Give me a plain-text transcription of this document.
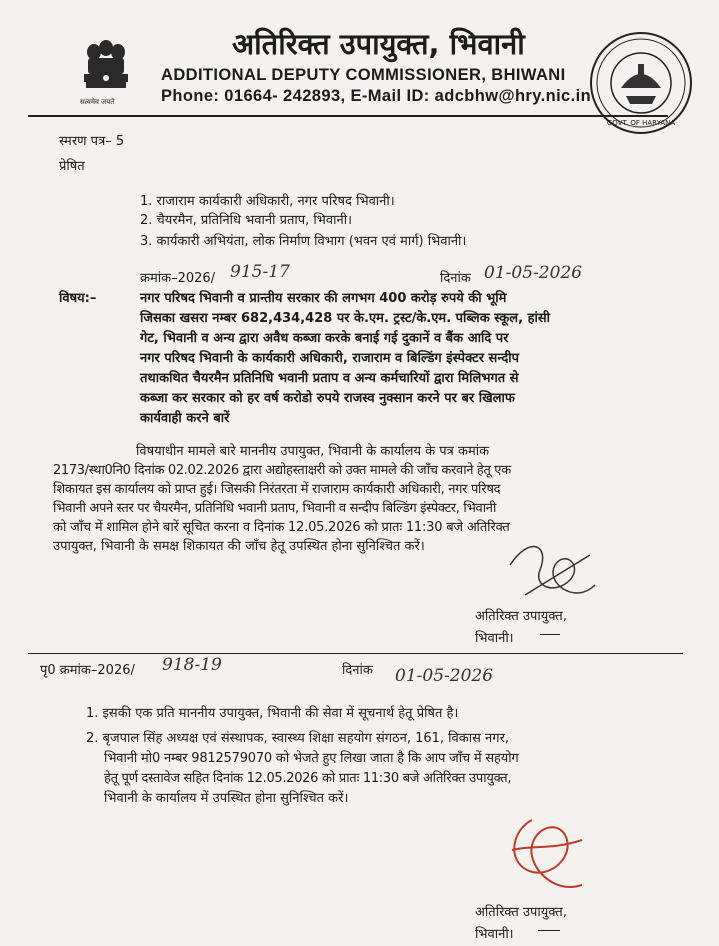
सत्यमेव जयते
अतिरिक्त उपायुक्त, भिवानी
ADDITIONAL DEPUTY COMMISSIONER, BHIWANI
Phone: 01664- 242893, E-Mail ID: adcbhw@hry.nic.in
GOVT. OF HARYANA
स्मरण पत्र– 5
प्रेषित
1. राजाराम कार्यकारी अधिकारी, नगर परिषद भिवानी।
2. चैयरमैन, प्रतिनिधि भवानी प्रताप, भिवानी।
3. कार्यकारी अभियंता, लोक निर्माण विभाग (भवन एवं मार्ग) भिवानी।
क्रमांक–2026/ 915-17	दिनांक 01-05-2026
विषय:–	नगर परिषद भिवानी व प्रान्तीय सरकार की लगभग 400 करोड़ रुपये की भूमि
जिसका खसरा नम्बर 682,434,428 पर के.एम. ट्रस्ट/के.एम. पब्लिक स्कूल, हांसी
गेट, भिवानी व अन्य द्वारा अवैध कब्जा करके बनाई गई दुकानें व बैंक आदि पर
नगर परिषद भिवानी के कार्यकारी अधिकारी, राजाराम व बिल्डिंग इंस्पेक्टर सन्दीप
तथाकथित चैयरमैन प्रतिनिधि भवानी प्रताप व अन्य कर्मचारियों द्वारा मिलिभगत से
कब्जा कर सरकार को हर वर्ष करोडो रुपये राजस्व नुक्सान करने पर बर खिलाफ
कार्यवाही करने बारें
विषयाधीन मामले बारे माननीय उपायुक्त, भिवानी के कार्यालय के पत्र कमांक
2173/स्था0नि0 दिनांक 02.02.2026 द्वारा अद्योहस्ताक्षरी को उक्त मामले की जाँच करवाने हेतू एक
शिकायत इस कार्यालय को प्राप्त हुई। जिसकी निरंतरता में राजाराम कार्यकारी अधिकारी, नगर परिषद
भिवानी अपने स्तर पर चैयरमैन, प्रतिनिधि भवानी प्रताप, भिवानी व सन्दीप बिल्डिंग इंस्पेक्टर, भिवानी
को जाँच में शामिल होने बारें सूचित करना व दिनांक 12.05.2026 को प्रातः 11:30 बजे अतिरिक्त
उपायुक्त, भिवानी के समक्ष शिकायत की जाँच हेतू उपस्थित होना सुनिश्चित करें।
अतिरिक्त उपायुक्त,
भिवानी।
पृ0 क्रमांक–2026/ 918-19	दिनांक 01-05-2026
1. इसकी एक प्रति माननीय उपायुक्त, भिवानी की सेवा में सूचनार्थ हेतू प्रेषित है।
2. बृजपाल सिंह अध्यक्ष एवं संस्थापक, स्वास्थ्य शिक्षा सहयोग संगठन, 161, विकास नगर,
भिवानी मो0 नम्बर 9812579070 को भेजते हुए लिखा जाता है कि आप जाँच में सहयोग
हेतू पूर्ण दस्तावेज सहित दिनांक 12.05.2026 को प्रातः 11:30 बजे अतिरिक्त उपायुक्त,
भिवानी के कार्यालय में उपस्थित होना सुनिश्चित करें।
अतिरिक्त उपायुक्त,
भिवानी।
